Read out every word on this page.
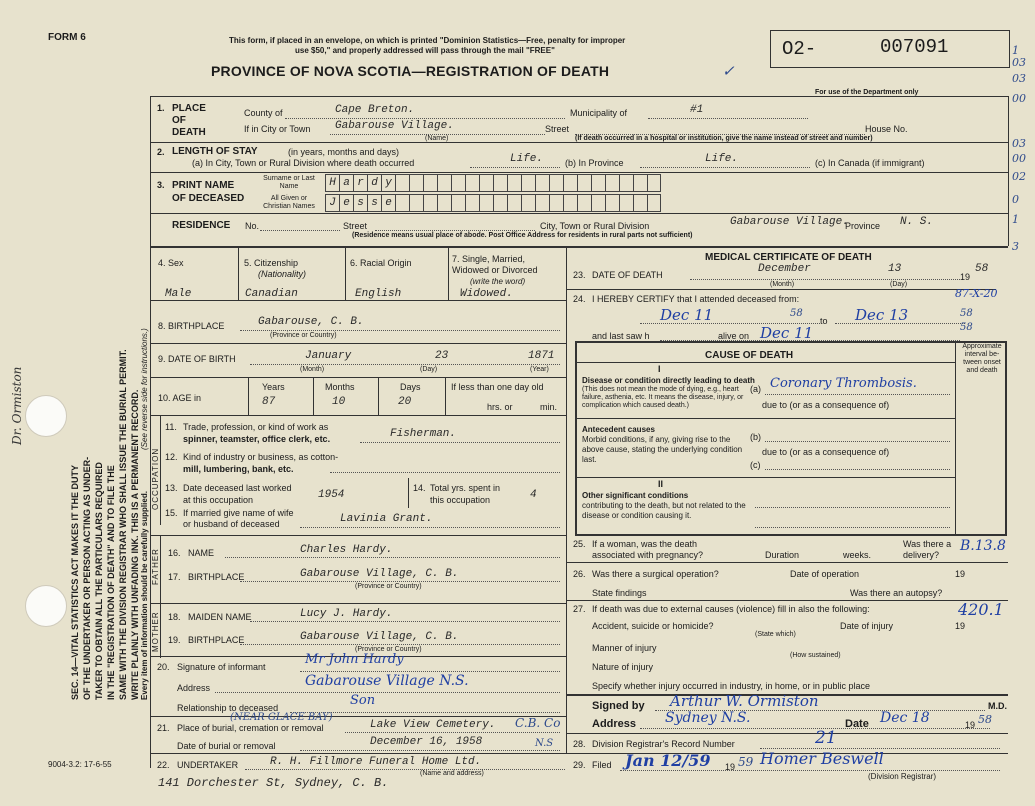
Dr. Ormiston
SEC. 14—VITAL STATISTICS ACT MAKES IT THE DUTY OF THE UNDERTAKER OR PERSON ACTING AS UNDER- TAKER TO OBTAIN ALL THE PARTICULARS REQUIRED IN THE "REGISTRATION OF DEATH" AND TO FILE THE SAME WITH THE DIVISION REGISTRAR WHO SHALL ISSUE THE BURIAL PERMIT. WRITE PLAINLY WITH UNFADING INK. THIS IS A PERMANENT RECORD. Every item of information should be carefully supplied.
(See reverse side for instructions.)
FORM 6	This form, if placed in an envelope, on which is printed "Dominion Statistics—Free, penalty for improper
use $50," and properly addressed will pass through the mail "FREE"
PROVINCE OF NOVA SCOTIA—REGISTRATION OF DEATH
O2-	007091
For use of the Department only
1
03
03
00
03
00
02
0
1
3
1. PLACE OF DEATH
County of	Cape Breton.	Municipality of	#1
If in City or Town Gabarouse Village.
(Name)
Street	House No.
(If death occurred in a hospital or institution, give the name instead of street and number)
2. LENGTH OF STAY	(in years, months and days)
(a) In City, Town or Rural Division where death occurred	Life. (b) In Province	Life.	(c) In Canada (if immigrant)
3. PRINT NAME
OF DECEASED
Surname or Last Name
All Given or Christian Names
H a r d y
J e s s e
RESIDENCE No.	Street	City, Town or Rural Division	Gabarouse Village.
Province N. S.
(Residence means usual place of abode. Post Office Address for residents in rural parts not sufficient)
4. Sex
Male
5. Citizenship
(Nationality)
Canadian
6. Racial Origin
English
7. Single, Married, Widowed or Divorced
(write the word)
Widowed.
8. BIRTHPLACE	Gabarouse, C. B.
(Province or Country)
9. DATE OF BIRTH	January	23	1871
(Month)	(Day)	(Year)
10. AGE in
Years	Months	Days	If less than one day old
87	10	20	hrs. or	min.
OCCUPATION
11. Trade, profession, or kind of work as
spinner, teamster, office clerk, etc.	Fisherman.
12. Kind of industry or business, as cotton-
mill, lumbering, bank, etc.
13. Date deceased last worked
at this occupation	1954
14. Total yrs. spent in
this occupation	4
15. If married give name of wife
or husband of deceased	Lavinia Grant.
FATHER 16. NAME	Charles Hardy.
17. BIRTHPLACE	Gabarouse Village, C. B.
(Province or Country)
MOTHER 18. MAIDEN NAME	Lucy J. Hardy.
19. BIRTHPLACE	Gabarouse Village, C. B.
(Province or Country)
20. Signature of informant	Mr John Hardy
Address	Gabarouse Village N.S.
Relationship to deceased	Son
21. Place of burial, cremation or removal
(NEAR GLACE BAY)
Lake View Cemetery. C.B. Co
Date of burial or removal	December 16, 1958	N.S
22. UNDERTAKER	R. H. Fillmore Funeral Home Ltd.
141 Dorchester St, Sydney, C. B.
(Name and address)
9004-3.2: 17-6-55
MEDICAL CERTIFICATE OF DEATH
23. DATE OF DEATH	December	13
19
58
(Month)	(Day)
24. I HEREBY CERTIFY that I attended deceased from:	87-X-20
Dec 11	58
to Dec 13	58
and last saw h	alive on Dec 11	58
CAUSE OF DEATH
Approximate interval be- tween onset and death
I
Disease or condition directly leading to death
(This does not mean the mode of dying, e.g., heart failure, asthenia, etc. It means the disease, injury, or complication which caused death.)
(a) Coronary Thrombosis.
due to (or as a consequence of)
Antecedent causes
Morbid conditions, if any, giving rise to the above cause, stating the underlying condition last.
(b)
due to (or as a consequence of)
(c)
II
Other significant conditions
contributing to the death, but not related to the disease or condition causing it.
25. If a woman, was the death associated with pregnancy?	Duration	weeks.
Was there a delivery?
B.13.8
26. Was there a surgical operation?	Date of operation	19
State findings	Was there an autopsy?
27. If death was due to external causes (violence) fill in also the following:	420.1
Accident, suicide or homicide?
(State which)
Date of injury	19
Manner of injury
(How sustained)
Nature of injury
Specify whether injury occurred in industry, in home, or in public place
Signed by Arthur W. Ormiston	M.D.
Address Sydney N.S.	Date Dec 18	19 58
28. Division Registrar's Record Number	21
29. Filed Jan 12/59 19 59 Homer Beswell
(Division Registrar)
✓
